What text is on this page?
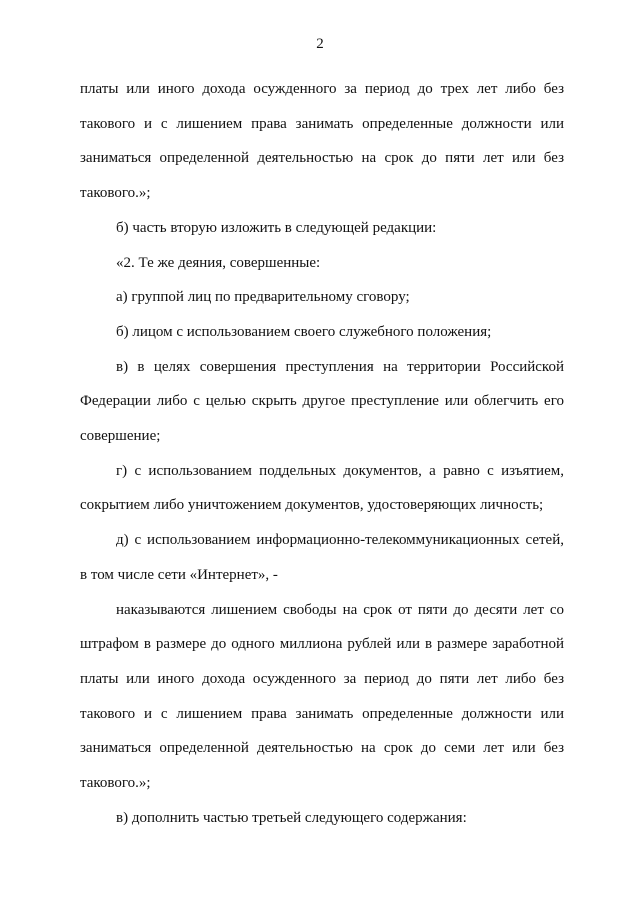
2

платы или иного дохода осужденного за период до трех лет либо без такового и с лишением права занимать определенные должности или заниматься определенной деятельностью на срок до пяти лет или без такового.»;

б) часть вторую изложить в следующей редакции:

«2. Те же деяния, совершенные:

а) группой лиц по предварительному сговору;

б) лицом с использованием своего служебного положения;

в) в целях совершения преступления на территории Российской Федерации либо с целью скрыть другое преступление или облегчить его совершение;

г) с использованием поддельных документов, а равно с изъятием, сокрытием либо уничтожением документов, удостоверяющих личность;

д) с использованием информационно-телекоммуникационных сетей, в том числе сети «Интернет», -

наказываются лишением свободы на срок от пяти до десяти лет со штрафом в размере до одного миллиона рублей или в размере заработной платы или иного дохода осужденного за период до пяти лет либо без такового и с лишением права занимать определенные должности или заниматься определенной деятельностью на срок до семи лет или без такового.»;

в) дополнить частью третьей следующего содержания:
